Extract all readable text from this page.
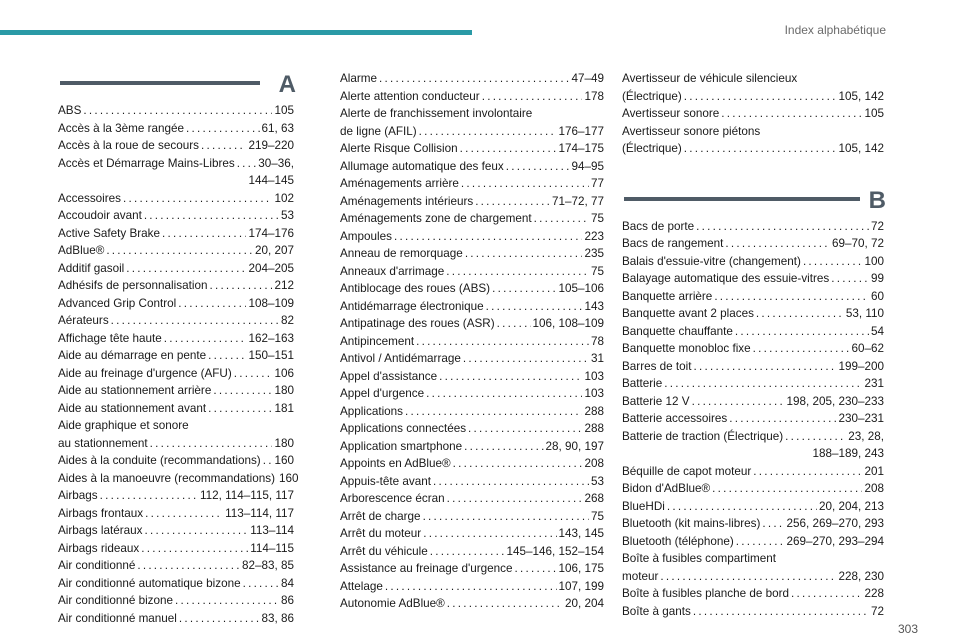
Index alphabétique
A
ABS . . .	105
Accès à la 3ème rangée . . .	61, 63
Accès à la roue de secours . . .	219–220
Accès et Démarrage Mains-Libres . . . 30–36,
144–145
Accessoires . . .	102
Accoudoir avant . . .	53
Active Safety Brake . . .	174–176
AdBlue® . . .	20, 207
Additif gasoil . . .	204–205
Adhésifs de personnalisation . . .	212
Advanced Grip Control . . .	108–109
Aérateurs . . .	82
Affichage tête haute . . .	162–163
Aide au démarrage en pente . . .	150–151
Aide au freinage d'urgence (AFU) . . .	106
Aide au stationnement arrière . . .	180
Aide au stationnement avant . . .	181
Aide graphique et sonore
au stationnement . . .	180
Aides à la conduite (recommandations) . . . 160
Aides à la manoeuvre (recommandations) 160
Airbags . . .	112, 114–115, 117
Airbags frontaux . . .	113–114, 117
Airbags latéraux . . .	113–114
Airbags rideaux . . .	114–115
Air conditionné . . .	82–83, 85
Air conditionné automatique bizone . . .	84
Air conditionné bizone . . .	86
Air conditionné manuel . . .	83, 86
Alarme . . .	47–49
Alerte attention conducteur . . .	178
Alerte de franchissement involontaire
de ligne (AFIL) . . .	176–177
Alerte Risque Collision . . .	174–175
Allumage automatique des feux . . .	94–95
Aménagements arrière . . .	77
Aménagements intérieurs . . .	71–72, 77
Aménagements zone de chargement . . .	75
Ampoules . . .	223
Anneau de remorquage . . .	235
Anneaux d'arrimage . . .	75
Antiblocage des roues (ABS) . . .	105–106
Antidémarrage électronique . . .	143
Antipatinage des roues (ASR) . . .	106, 108–109
Antipincement . . .	78
Antivol / Antidémarrage . . .	31
Appel d'assistance . . .	103
Appel d'urgence . . .	103
Applications . . .	288
Applications connectées . . .	288
Application smartphone . . .	28, 90, 197
Appoints en AdBlue® . . .	208
Appuis-tête avant . . .	53
Arborescence écran . . .	268
Arrêt de charge . . .	75
Arrêt du moteur . . .	143, 145
Arrêt du véhicule . . .	145–146, 152–154
Assistance au freinage d'urgence . . .	106, 175
Attelage . . .	107, 199
Autonomie AdBlue® . . .	20, 204
Avertisseur de véhicule silencieux
(Électrique) . . .	105, 142
Avertisseur sonore . . .	105
Avertisseur sonore piétons
(Électrique) . . .	105, 142
B
Bacs de porte . . .	72
Bacs de rangement . . .	69–70, 72
Balais d'essuie-vitre (changement) . . .	100
Balayage automatique des essuie-vitres . . .	99
Banquette arrière . . .	60
Banquette avant 2 places . . .	53, 110
Banquette chauffante . . .	54
Banquette monobloc fixe . . .	60–62
Barres de toit . . .	199–200
Batterie . . .	231
Batterie 12 V . . .	198, 205, 230–233
Batterie accessoires . . .	230–231
Batterie de traction (Électrique) . . .	23, 28,
188–189, 243
Béquille de capot moteur . . .	201
Bidon d'AdBlue® . . .	208
BlueHDi . . .	20, 204, 213
Bluetooth (kit mains-libres) . . . 256, 269–270, 293
Bluetooth (téléphone) . . .	269–270, 293–294
Boîte à fusibles compartiment
moteur . . .	228, 230
Boîte à fusibles planche de bord . . .	228
Boîte à gants . . .	72
303
